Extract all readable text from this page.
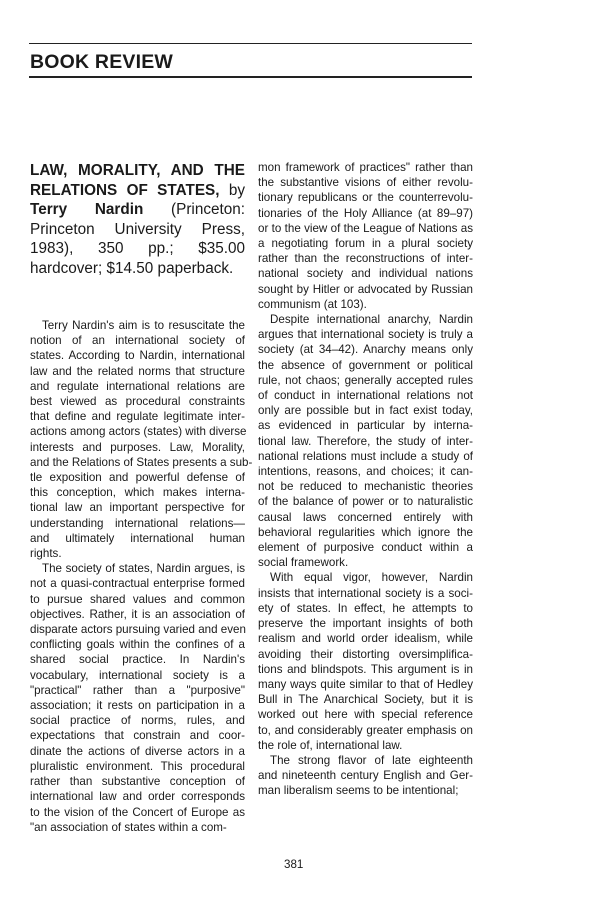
BOOK REVIEW
LAW, MORALITY, AND THE RELATIONS OF STATES, by Terry Nardin (Princeton: Princeton University Press, 1983), 350 pp.; $35.00 hardcover; $14.50 paperback.
Terry Nardin's aim is to resuscitate the
notion of an international society of
states. According to Nardin, international
law and the related norms that structure
and regulate international relations are
best viewed as procedural constraints
that define and regulate legitimate inter-
actions among actors (states) with diverse
interests and purposes. Law, Morality,
and the Relations of States presents a sub-
tle exposition and powerful defense of
this conception, which makes interna-
tional law an important perspective for
understanding international relations—
and ultimately international human
rights.
The society of states, Nardin argues, is
not a quasi-contractual enterprise formed
to pursue shared values and common
objectives. Rather, it is an association of
disparate actors pursuing varied and even
conflicting goals within the confines of a
shared social practice. In Nardin's
vocabulary, international society is a
"practical" rather than a "purposive"
association; it rests on participation in a
social practice of norms, rules, and
expectations that constrain and coor-
dinate the actions of diverse actors in a
pluralistic environment. This procedural
rather than substantive conception of
international law and order corresponds
to the vision of the Concert of Europe as
"an association of states within a com-
mon framework of practices" rather than
the substantive visions of either revolu-
tionary republicans or the counterrevolu-
tionaries of the Holy Alliance (at 89–97)
or to the view of the League of Nations as
a negotiating forum in a plural society
rather than the reconstructions of inter-
national society and individual nations
sought by Hitler or advocated by Russian
communism (at 103).
Despite international anarchy, Nardin
argues that international society is truly a
society (at 34–42). Anarchy means only
the absence of government or political
rule, not chaos; generally accepted rules
of conduct in international relations not
only are possible but in fact exist today,
as evidenced in particular by interna-
tional law. Therefore, the study of inter-
national relations must include a study of
intentions, reasons, and choices; it can-
not be reduced to mechanistic theories
of the balance of power or to naturalistic
causal laws concerned entirely with
behavioral regularities which ignore the
element of purposive conduct within a
social framework.
With equal vigor, however, Nardin
insists that international society is a soci-
ety of states. In effect, he attempts to
preserve the important insights of both
realism and world order idealism, while
avoiding their distorting oversimplifica-
tions and blindspots. This argument is in
many ways quite similar to that of Hedley
Bull in The Anarchical Society, but it is
worked out here with special reference
to, and considerably greater emphasis on
the role of, international law.
The strong flavor of late eighteenth
and nineteenth century English and Ger-
man liberalism seems to be intentional;
381
